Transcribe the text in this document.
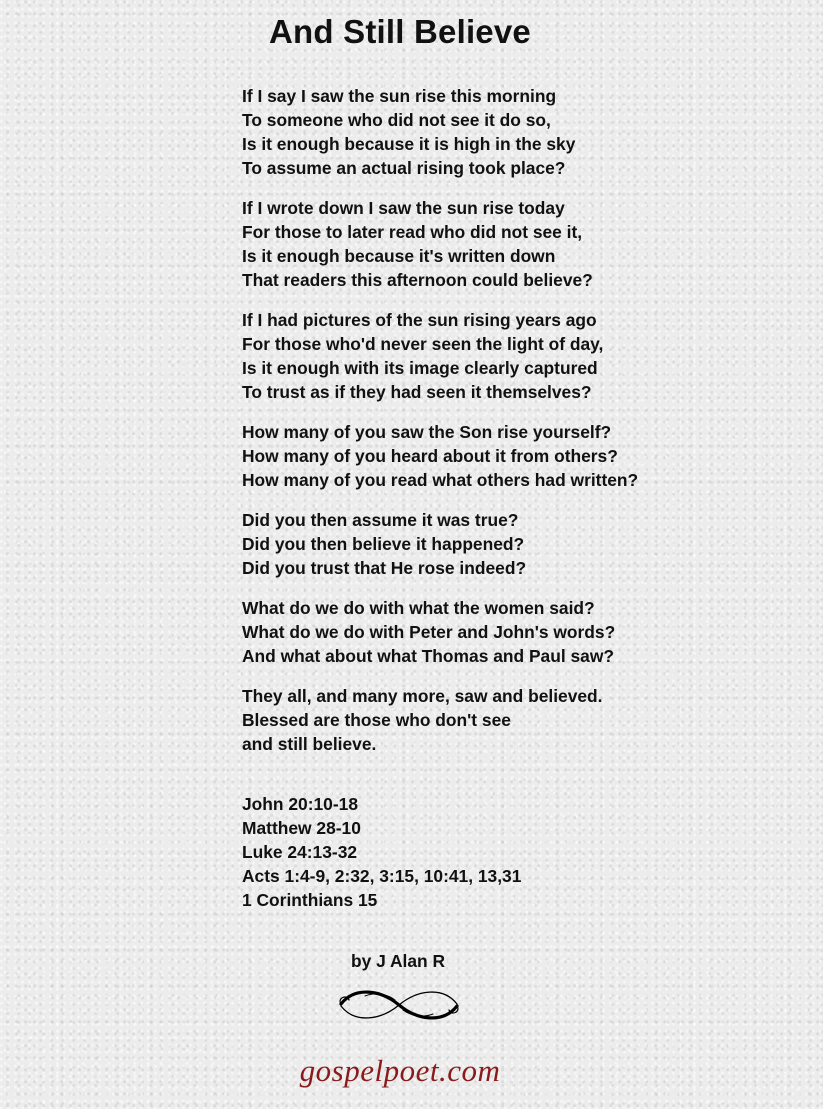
And Still Believe
If I say I saw the sun rise this morning
To someone who did not see it do so,
Is it enough because it is high in the sky
To assume an actual rising took place?
If I wrote down I saw the sun rise today
For those to later read who did not see it,
Is it enough because it's written down
That readers this afternoon could believe?
If I had pictures of the sun rising years ago
For those who'd never seen the light of day,
Is it enough with its image clearly captured
To trust as if they had seen it themselves?
How many of you saw the Son rise yourself?
How many of you heard about it from others?
How many of you read what others had written?
Did you then assume it was true?
Did you then believe it happened?
Did you trust that He rose indeed?
What do we do with what the women said?
What do we do with Peter and John's words?
And what about what Thomas and Paul saw?
They all, and many more, saw and believed.
Blessed are those who don't see
and still believe.
John 20:10-18
Matthew 28-10
Luke 24:13-32
Acts 1:4-9, 2:32, 3:15, 10:41, 13,31
1 Corinthians 15
by J Alan R
gospelpoet.com
